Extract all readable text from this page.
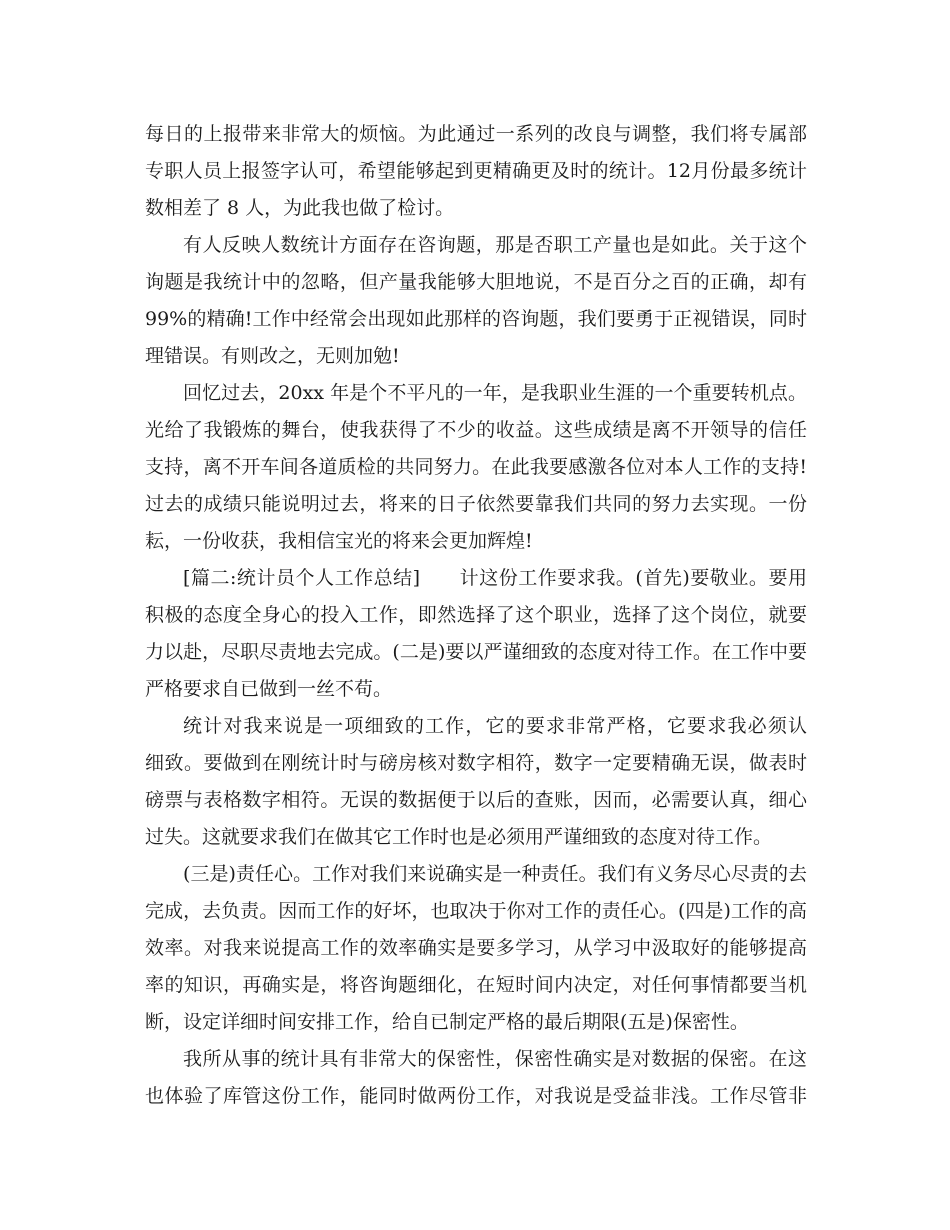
每日的上报带来非常大的烦恼。为此通过一系列的改良与调整，我们将专属部
专职人员上报签字认可，希望能够起到更精确更及时的统计。12月份最多统计
数相差了 8 人，为此我也做了检讨。
有人反映人数统计方面存在咨询题，那是否职工产量也是如此。关于这个
询题是我统计中的忽略，但产量我能够大胆地说，不是百分之百的正确，却有
99%的精确!工作中经常会出现如此那样的咨询题，我们要勇于正视错误，同时
理错误。有则改之，无则加勉!
回忆过去，20xx 年是个不平凡的一年，是我职业生涯的一个重要转机点。
光给了我锻炼的舞台，使我获得了不少的收益。这些成绩是离不开领导的信任
支持，离不开车间各道质检的共同努力。在此我要感激各位对本人工作的支持!
过去的成绩只能说明过去，将来的日子依然要靠我们共同的努力去实现。一份
耘，一份收获，我相信宝光的将来会更加辉煌!
[篇二:统计员个人工作总结]　　计这份工作要求我。(首先)要敬业。要用
积极的态度全身心的投入工作，即然选择了这个职业，选择了这个岗位，就要
力以赴，尽职尽责地去完成。(二是)要以严谨细致的态度对待工作。在工作中要
严格要求自已做到一丝不苟。
统计对我来说是一项细致的工作，它的要求非常严格，它要求我必须认
细致。要做到在刚统计时与磅房核对数字相符，数字一定要精确无误，做表时
磅票与表格数字相符。无误的数据便于以后的查账，因而，必需要认真，细心
过失。这就要求我们在做其它工作时也是必须用严谨细致的态度对待工作。
(三是)责任心。工作对我们来说确实是一种责任。我们有义务尽心尽责的去
完成，去负责。因而工作的好坏，也取决于你对工作的责任心。(四是)工作的高
效率。对我来说提高工作的效率确实是要多学习，从学习中汲取好的能够提高
率的知识，再确实是，将咨询题细化，在短时间内决定，对任何事情都要当机
断，设定详细时间安排工作，给自已制定严格的最后期限(五是)保密性。
我所从事的统计具有非常大的保密性，保密性确实是对数据的保密。在这
也体验了库管这份工作，能同时做两份工作，对我说是受益非浅。工作尽管非
